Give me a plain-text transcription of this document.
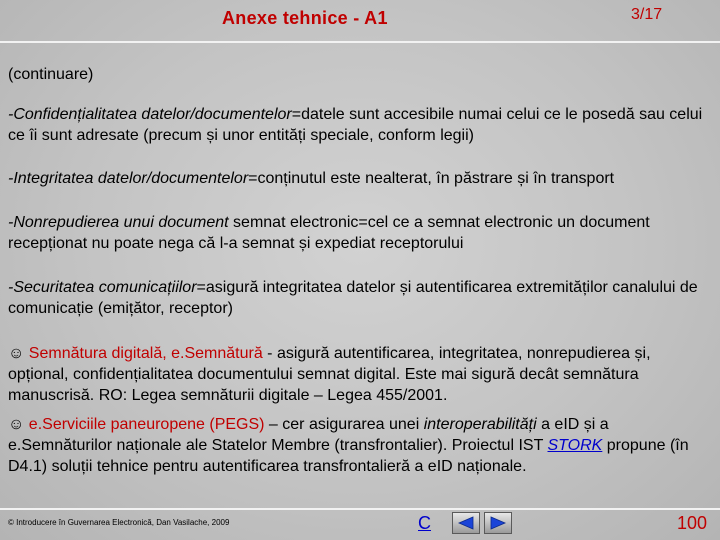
Anexe tehnice - A1	3/17
(continuare)
-Confidențialitatea datelor/documentelor=datele sunt accesibile numai celui ce le posedă sau celui ce îi sunt adresate (precum și unor entități speciale, conform legii)
-Integritatea datelor/documentelor=conținutul este nealterat, în păstrare și în transport
-Nonrepudierea unui document semnat electronic=cel ce a semnat electronic un document recepționat nu poate nega că l-a semnat și expediat receptorului
-Securitatea comunicațiilor=asigură integritatea datelor și autentificarea extremităților canalului de comunicație (emițător, receptor)
☺ Semnătura digitală, e.Semnătură - asigură autentificarea, integritatea, nonrepudierea și, opțional, confidențialitatea documentului semnat digital. Este mai sigură decât semnătura manuscrisă. RO: Legea semnăturii digitale – Legea 455/2001.
☺ e.Serviciile paneuropene (PEGS) – cer asigurarea unei interoperabilități a eID și a e.Semnăturilor naționale ale Statelor Membre (transfrontalier). Proiectul IST STORK propune (în D4.1) soluții tehnice pentru autentificarea transfrontalieră a eID naționale.
© Introducere în Guvernarea Electronică, Dan Vasilache, 2009	C	100
